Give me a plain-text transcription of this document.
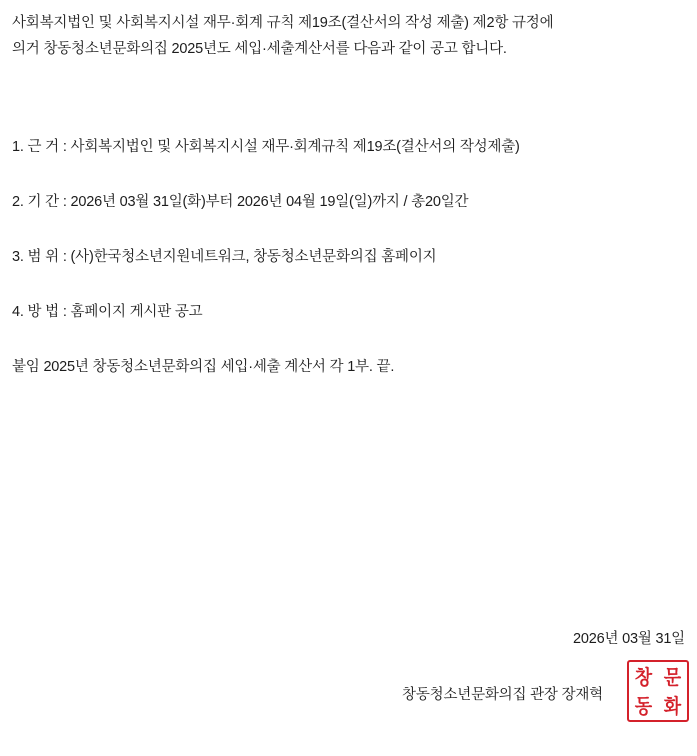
사회복지법인 및 사회복지시설 재무·회계 규칙 제19조(결산서의 작성 제출) 제2항 규정에
의거 창동청소년문화의집 2025년도 세입·세출계산서를 다음과 같이 공고 합니다.
1. 근 거 : 사회복지법인 및 사회복지시설 재무·회계규칙 제19조(결산서의 작성제출)
2. 기 간 : 2026년 03월 31일(화)부터 2026년 04월 19일(일)까지 / 총20일간
3. 범 위 : (사)한국청소년지원네트워크, 창동청소년문화의집 홈페이지
4. 방 법 : 홈페이지 게시판 공고
붙임 2025년 창동청소년문화의집 세입·세출 계산서 각 1부. 끝.
2026년 03월 31일
창동청소년문화의집 관장 장재혁
창 문
동 화
